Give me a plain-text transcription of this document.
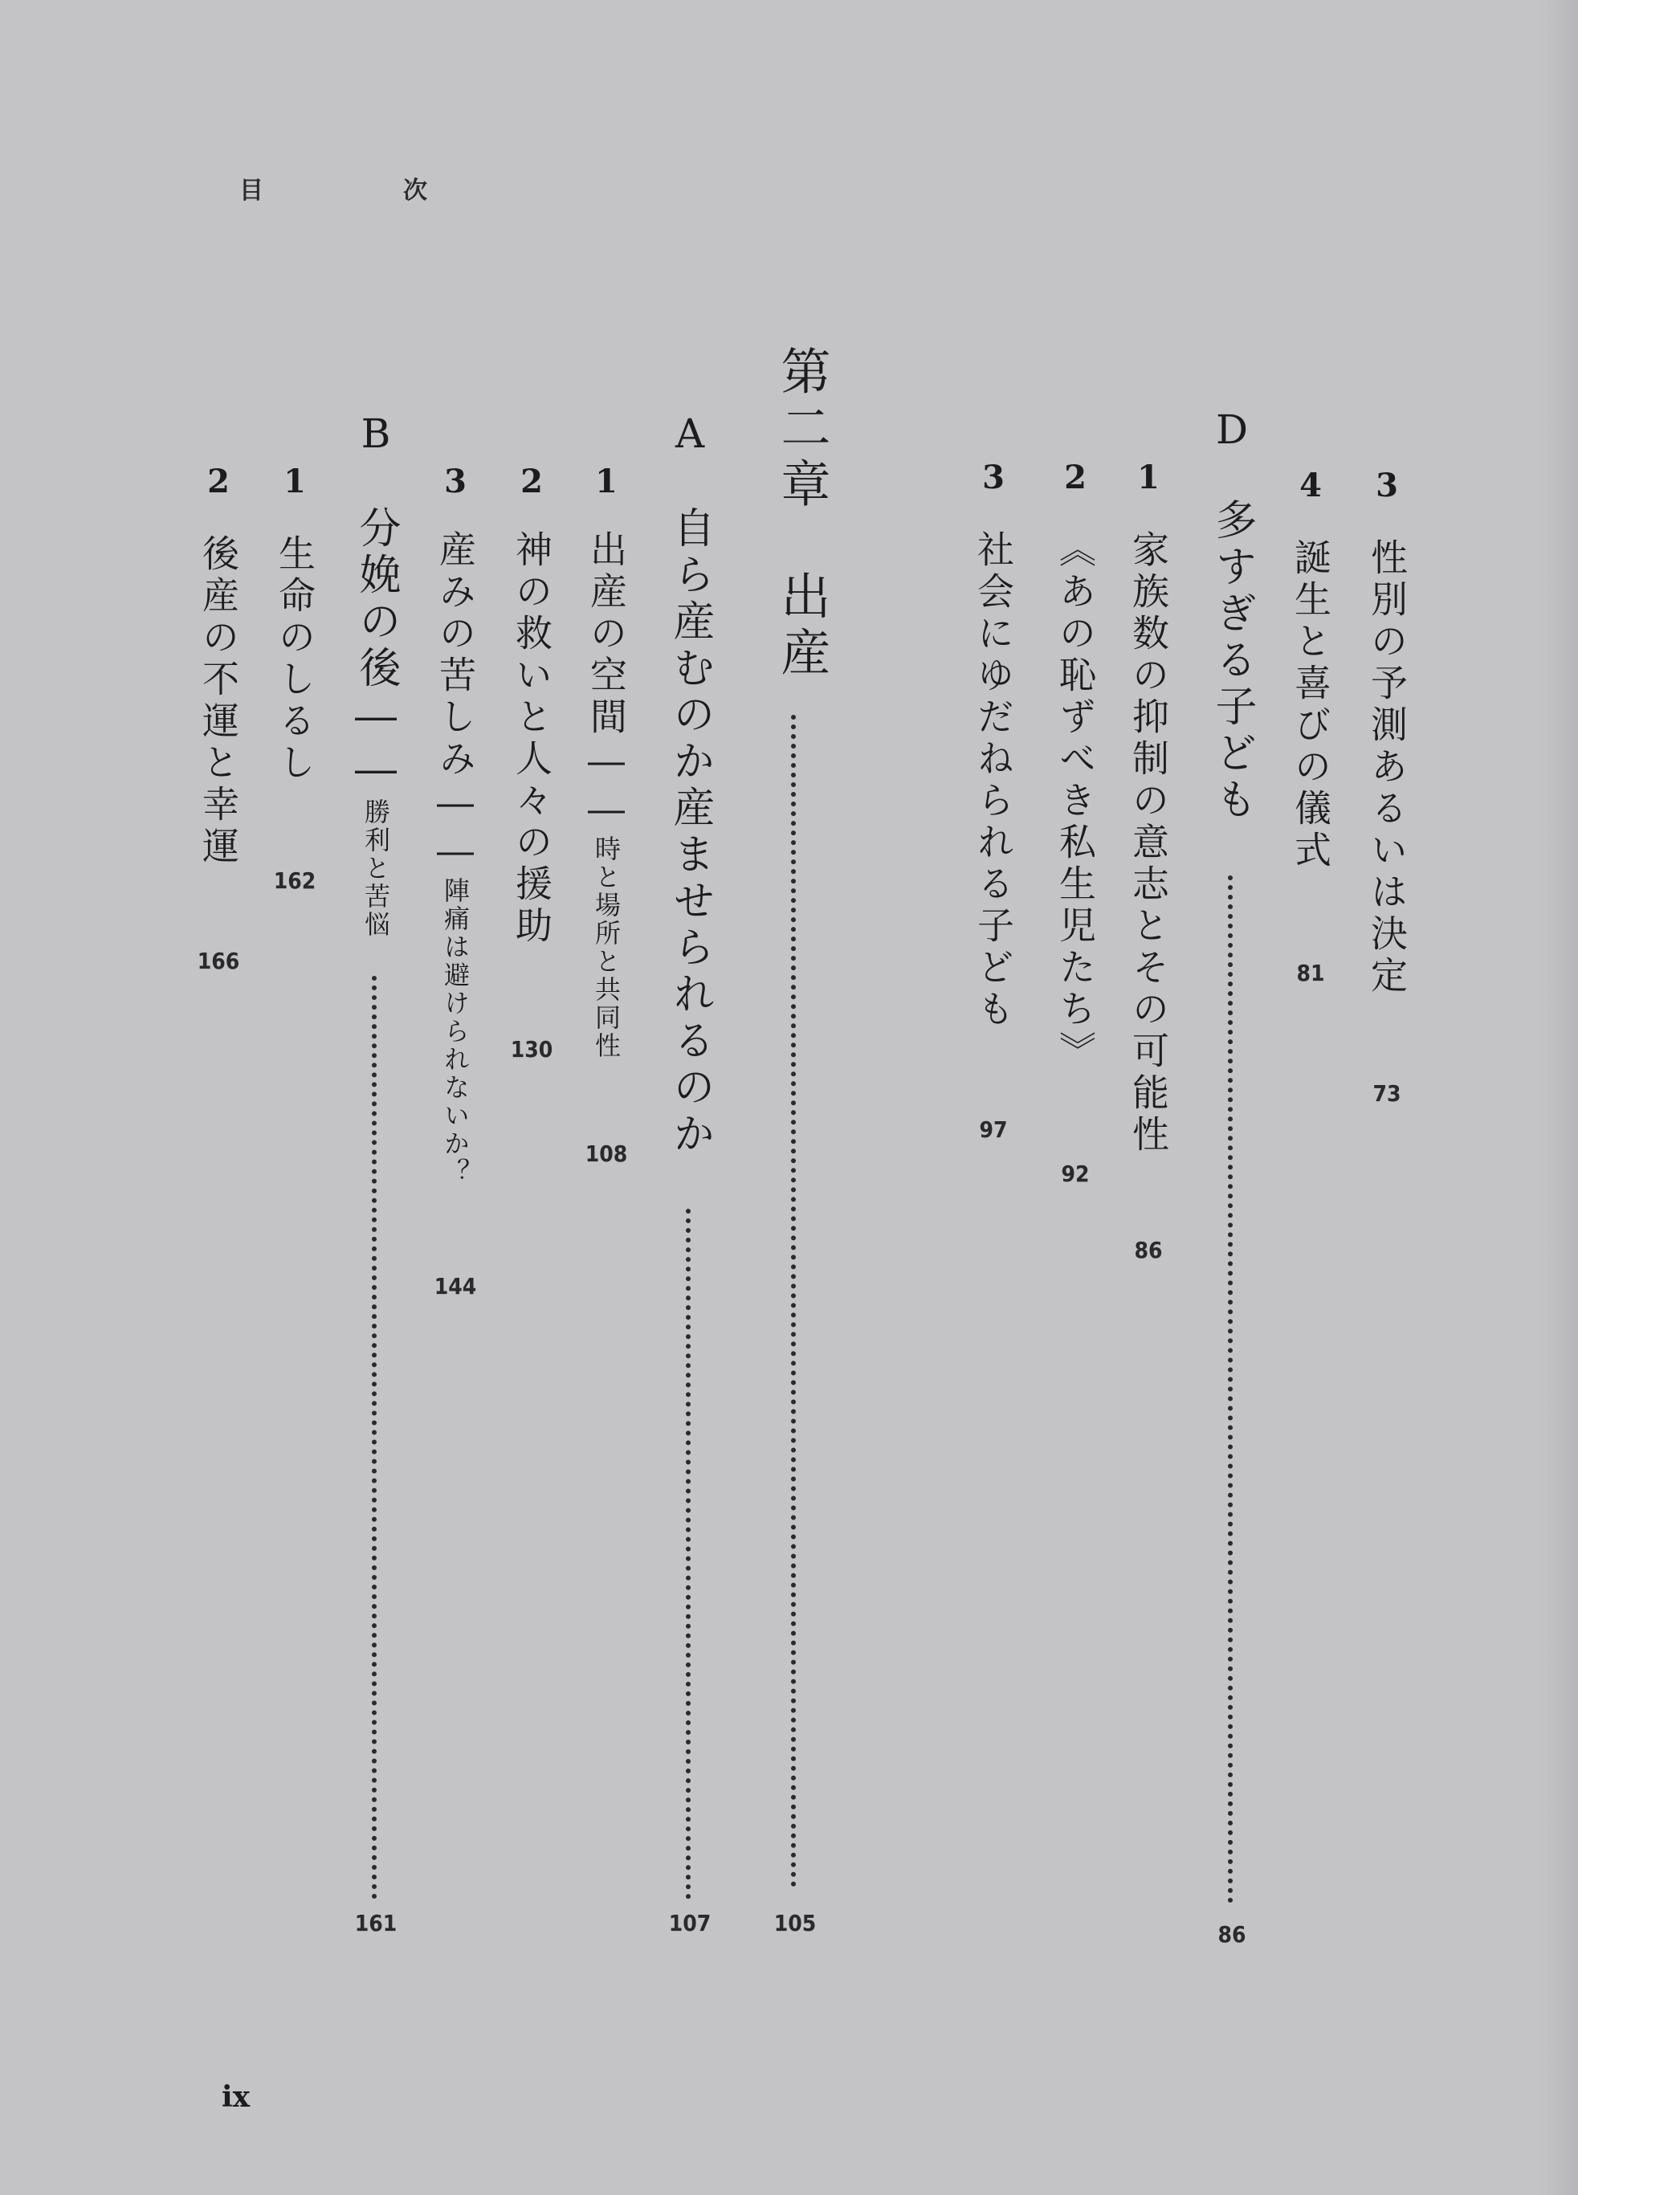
目　次
3
性別の予測あるいは決定
73
4
誕生と喜びの儀式
81
D
多すぎる子ども
86
1
家族数の抑制の意志とその可能性
86
2
《あの恥ずべき私生児たち》
92
3
社会にゆだねられる子ども
97
第二章　出産
105
A
自ら産むのか産ませられるのか
107
1
出産の空間――時と場所と共同性
108
2
神の救いと人々の援助
130
3
産みの苦しみ――陣痛は避けられないか？
144
B
分娩の後――勝利と苦悩
161
1
生命のしるし
162
2
後産の不運と幸運
166
ix
